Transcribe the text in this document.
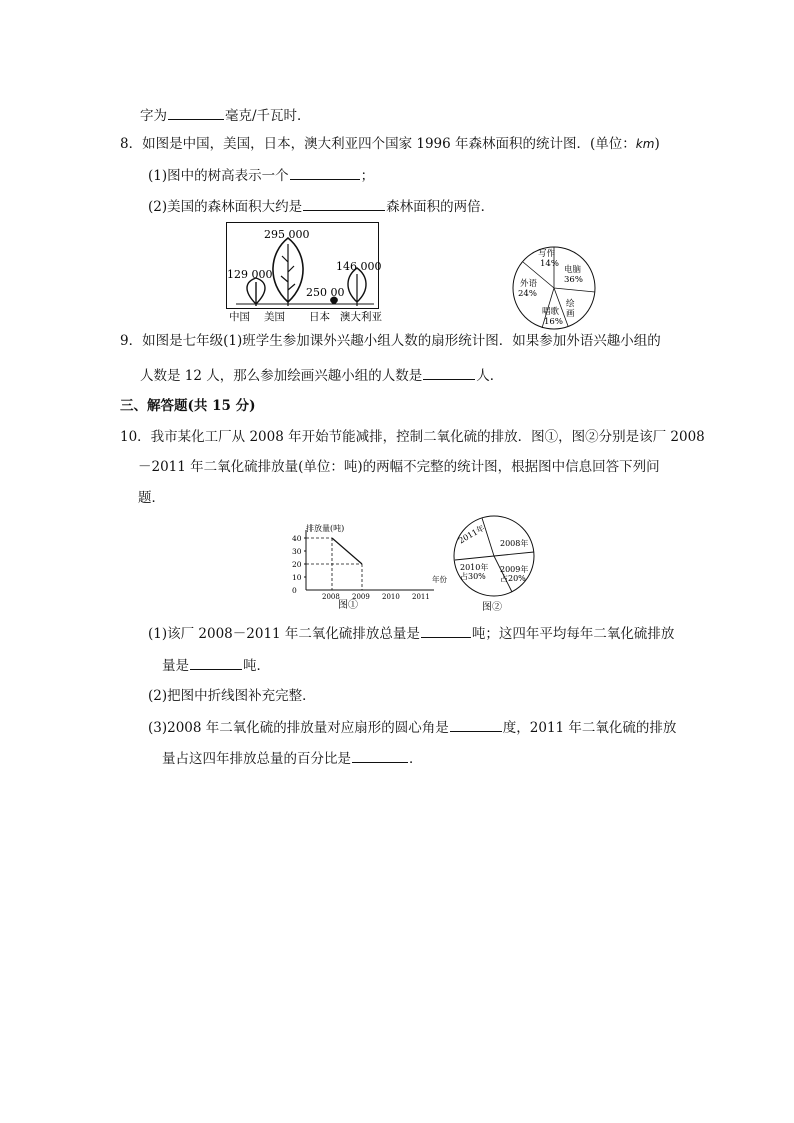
字为	毫克/千瓦时．
8．如图是中国，美国，日本，澳大利亚四个国家 1996 年森林面积的统计图．(单位：km)
(1)图中的树高表示一个	；
(2)美国的森林面积大约是	森林面积的两倍．
295 000
129 000
146 000
250 00
中国 美国 日本 澳大利亚
写作
14%
电脑
36%
外语
24%
唱歌
16%
绘
画
9．如图是七年级(1)班学生参加课外兴趣小组人数的扇形统计图．如果参加外语兴趣小组的
人数是 12 人，那么参加绘画兴趣小组的人数是	人．
三、解答题(共 15 分)
10．我市某化工厂从 2008 年开始节能减排，控制二氧化硫的排放．图①，图②分别是该厂 2008
－2011 年二氧化硫排放量(单位：吨)的两幅不完整的统计图，根据图中信息回答下列问
题．
排放量(吨)
年份
40
30
20
10
0
2008 2009 2010 2011
图①
2011年 2008年
2010年
占30%
2009年
占20%
图②
(1)该厂 2008－2011 年二氧化硫排放总量是	吨；这四年平均每年二氧化硫排放
量是	吨．
(2)把图中折线图补充完整．
(3)2008 年二氧化硫的排放量对应扇形的圆心角是	度，2011 年二氧化硫的排放
量占这四年排放总量的百分比是	．
